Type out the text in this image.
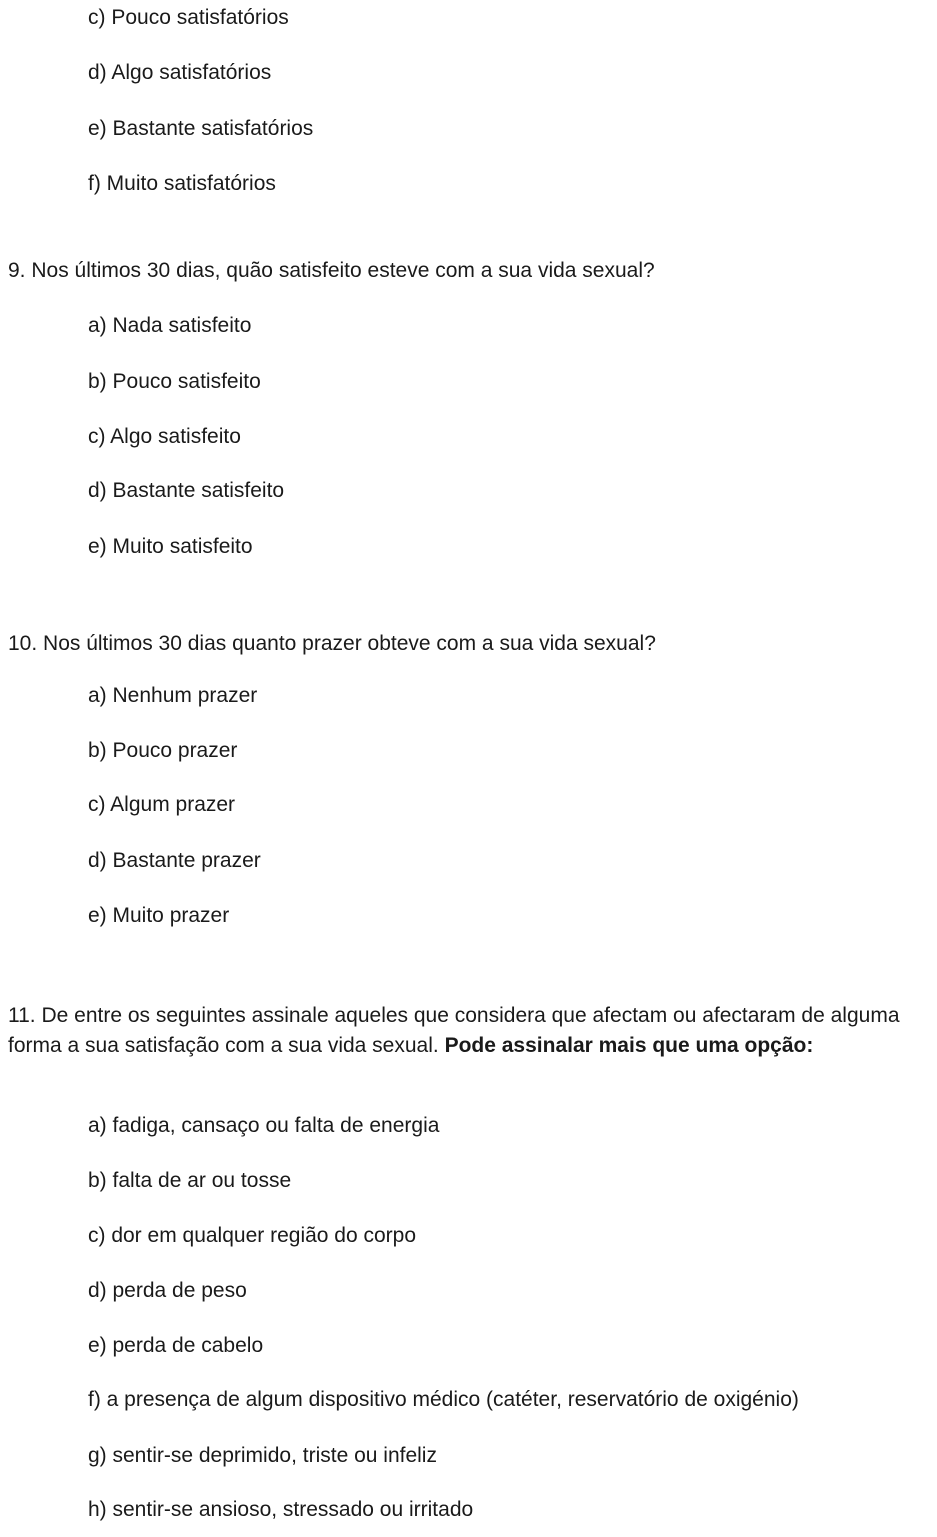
c) Pouco satisfatórios
d) Algo satisfatórios
e) Bastante satisfatórios
f) Muito satisfatórios
9. Nos últimos 30 dias, quão satisfeito esteve com a sua vida sexual?
a) Nada satisfeito
b) Pouco satisfeito
c) Algo satisfeito
d) Bastante satisfeito
e) Muito satisfeito
10. Nos últimos 30 dias quanto prazer obteve com a sua vida sexual?
a) Nenhum prazer
b) Pouco prazer
c) Algum prazer
d) Bastante prazer
e) Muito prazer
11. De entre os seguintes assinale aqueles que considera que afectam ou afectaram de alguma forma a sua satisfação com a sua vida sexual. Pode assinalar mais que uma opção:
a) fadiga, cansaço ou falta de energia
b) falta de ar ou tosse
c) dor em qualquer região do corpo
d) perda de peso
e) perda de cabelo
f) a presença de algum dispositivo médico (catéter, reservatório de oxigénio)
g) sentir-se deprimido, triste ou infeliz
h) sentir-se ansioso, stressado ou irritado
